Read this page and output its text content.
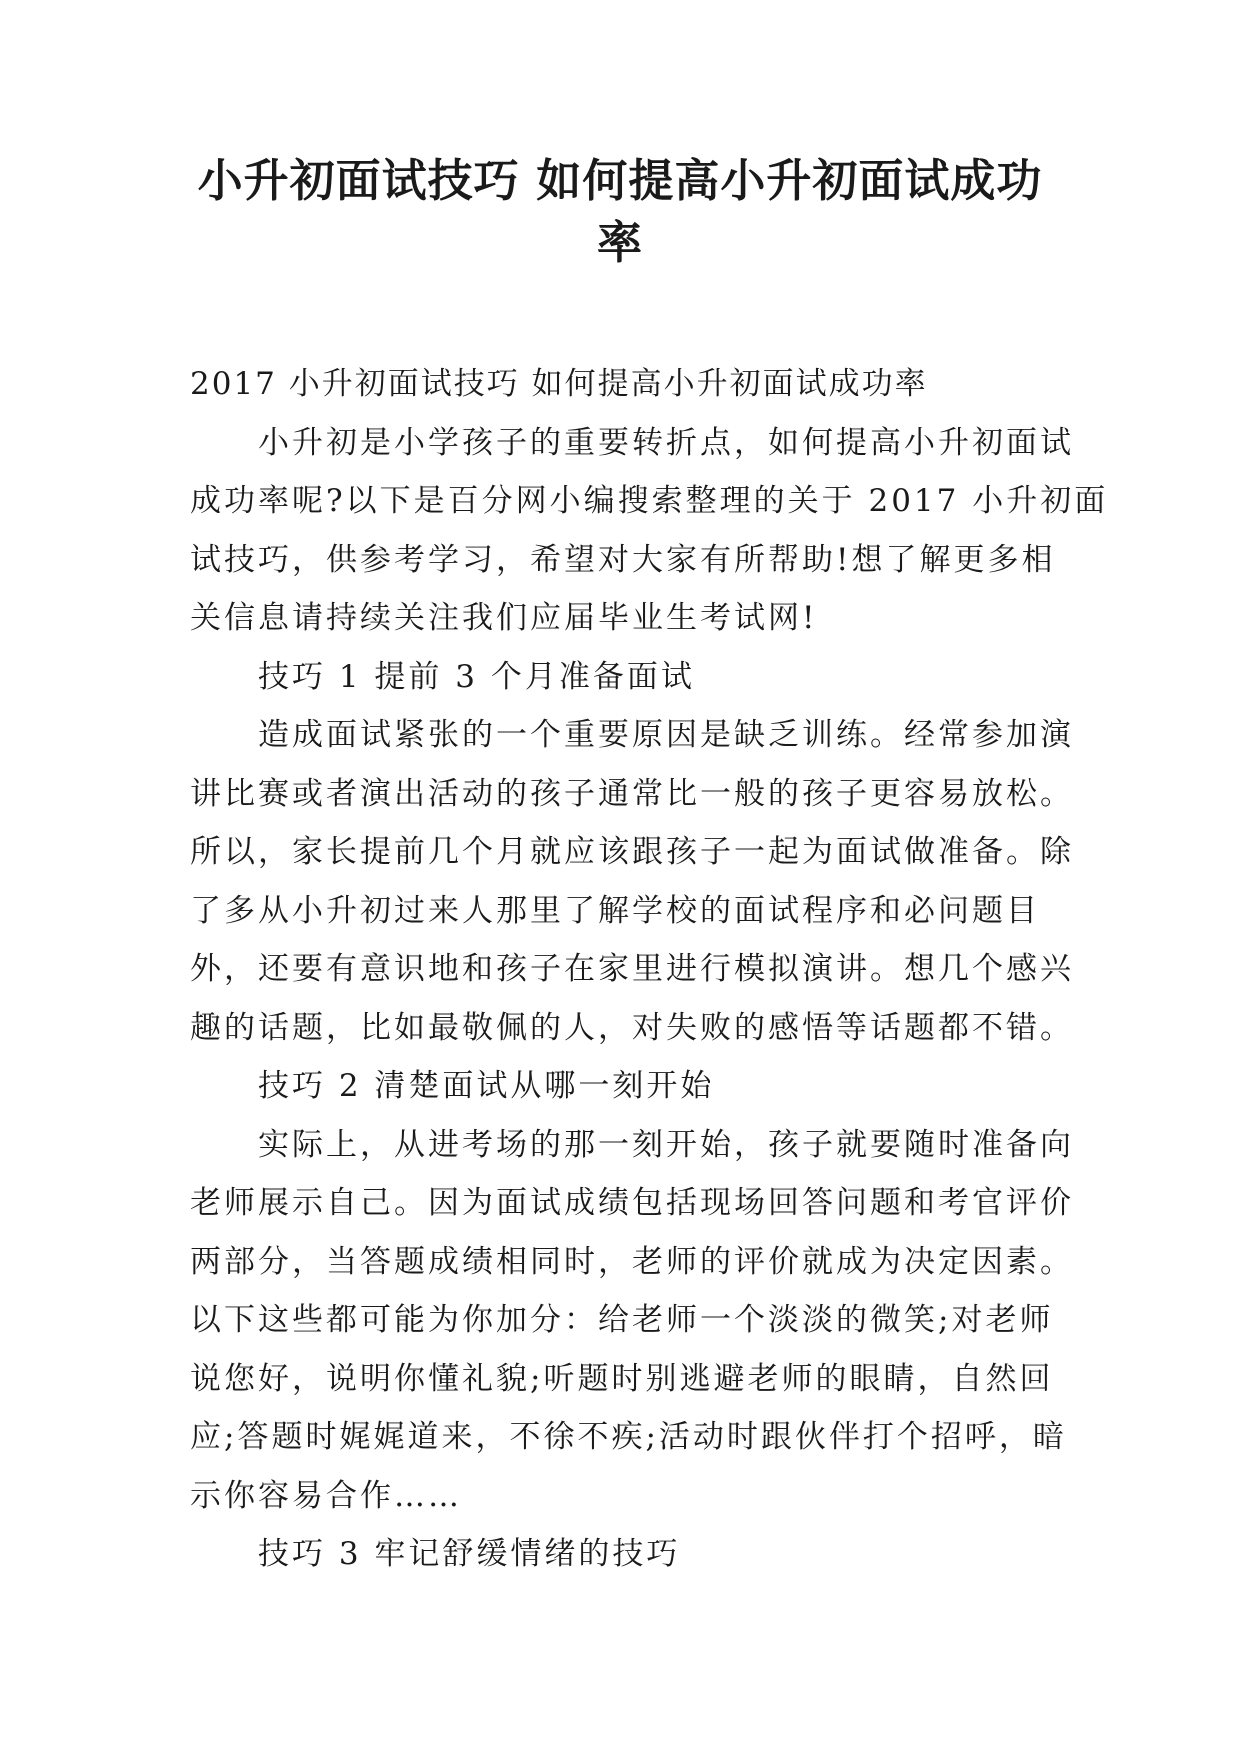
小升初面试技巧 如何提高小升初面试成功
率
2017 小升初面试技巧 如何提高小升初面试成功率
小升初是小学孩子的重要转折点，如何提高小升初面试
成功率呢?以下是百分网小编搜索整理的关于 2017 小升初面
试技巧，供参考学习，希望对大家有所帮助!想了解更多相
关信息请持续关注我们应届毕业生考试网!
技巧 1 提前 3 个月准备面试
造成面试紧张的一个重要原因是缺乏训练。经常参加演
讲比赛或者演出活动的孩子通常比一般的孩子更容易放松。
所以，家长提前几个月就应该跟孩子一起为面试做准备。除
了多从小升初过来人那里了解学校的面试程序和必问题目
外，还要有意识地和孩子在家里进行模拟演讲。想几个感兴
趣的话题，比如最敬佩的人，对失败的感悟等话题都不错。
技巧 2 清楚面试从哪一刻开始
实际上，从进考场的那一刻开始，孩子就要随时准备向
老师展示自己。因为面试成绩包括现场回答问题和考官评价
两部分，当答题成绩相同时，老师的评价就成为决定因素。
以下这些都可能为你加分：给老师一个淡淡的微笑;对老师
说您好，说明你懂礼貌;听题时别逃避老师的眼睛，自然回
应;答题时娓娓道来，不徐不疾;活动时跟伙伴打个招呼，暗
示你容易合作……
技巧 3 牢记舒缓情绪的技巧
